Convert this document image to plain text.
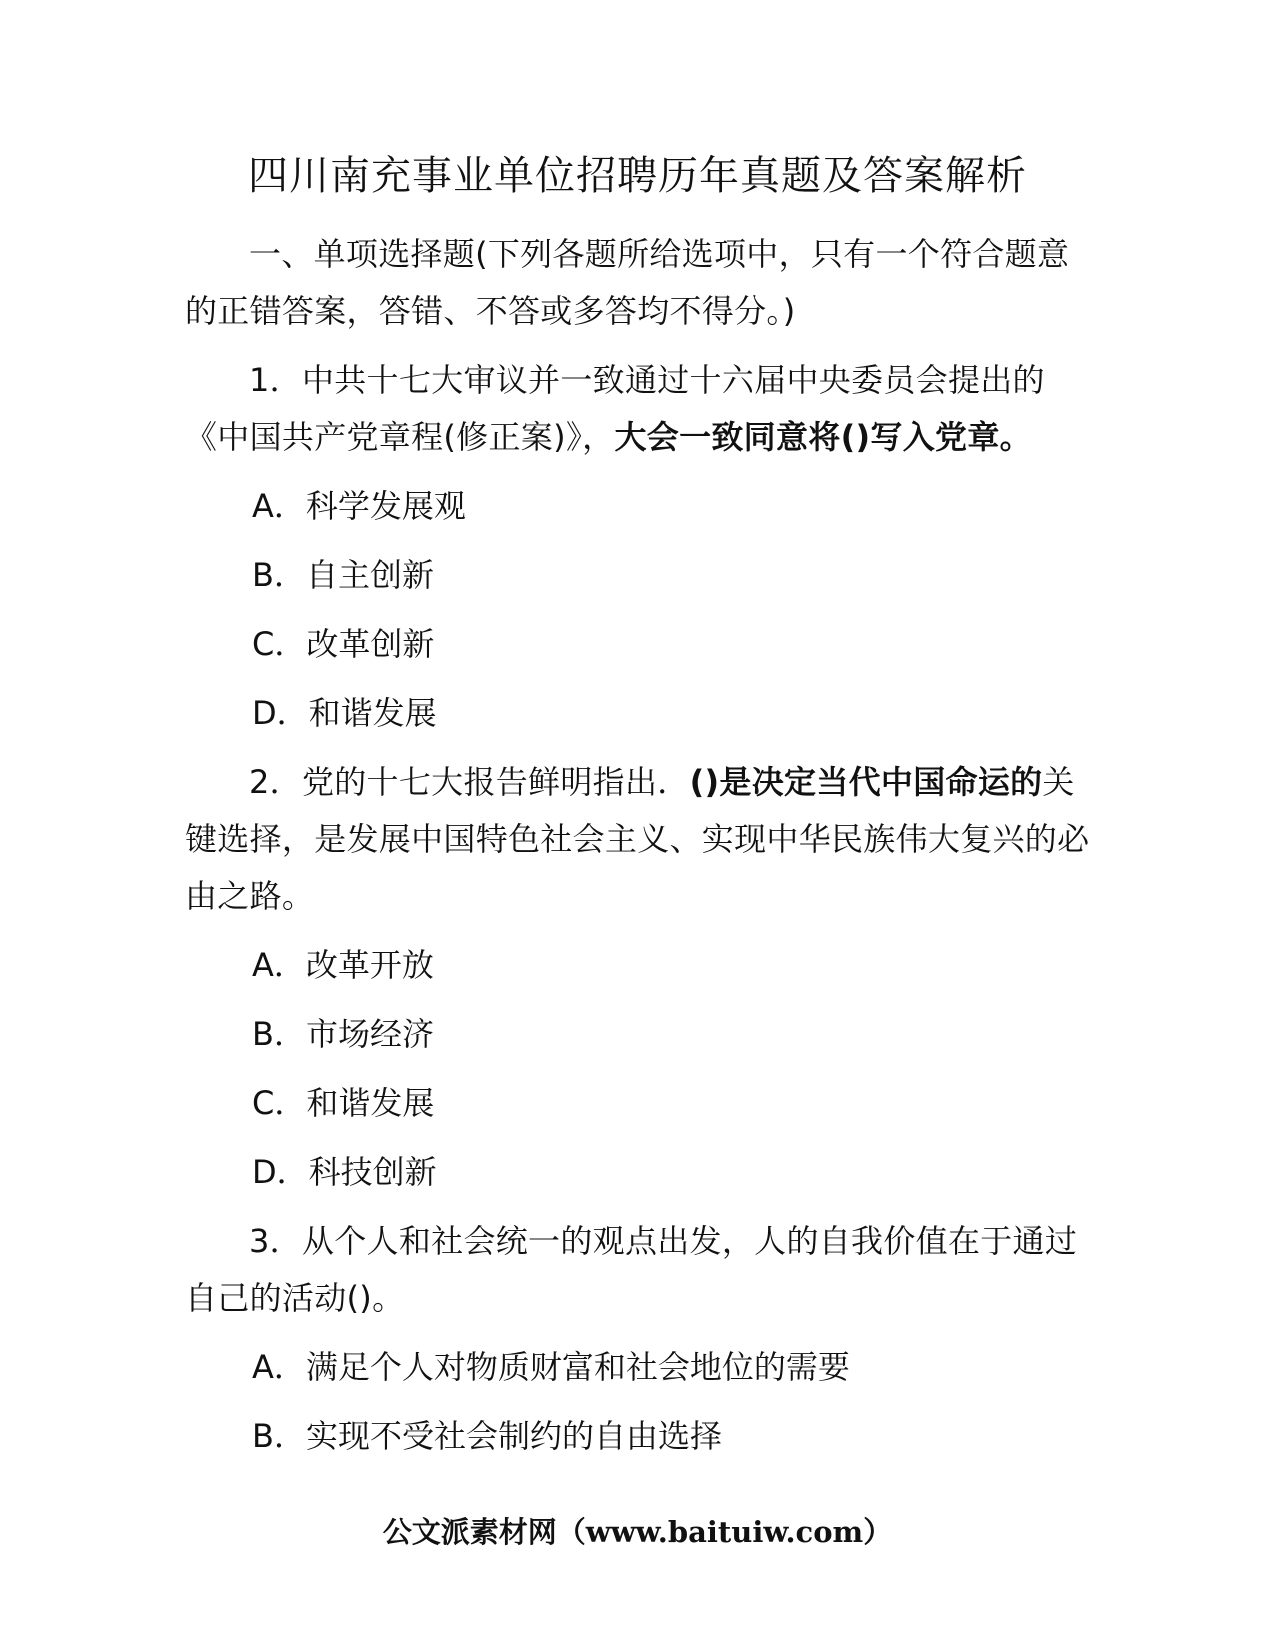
四川南充事业单位招聘历年真题及答案解析

一、单项选择题(下列各题所给选项中，只有一个符合题意的正错答案，答错、不答或多答均不得分。)

1．中共十七大审议并一致通过十六届中央委员会提出的《中国共产党章程(修正案)》，大会一致同意将()写入党章。

A．科学发展观

B．自主创新

C．改革创新

D．和谐发展

2．党的十七大报告鲜明指出．()是决定当代中国命运的关键选择，是发展中国特色社会主义、实现中华民族伟大复兴的必由之路。

A．改革开放

B．市场经济

C．和谐发展

D．科技创新

3．从个人和社会统一的观点出发，人的自我价值在于通过自己的活动()。

A．满足个人对物质财富和社会地位的需要

B．实现不受社会制约的自由选择

公文派素材网（www.baituiw.com）
